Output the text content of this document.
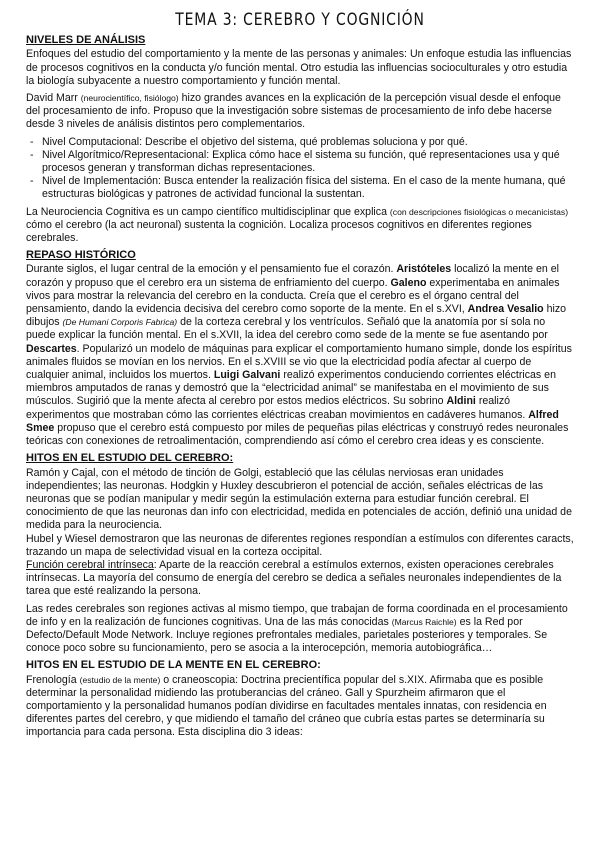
TEMA 3: CEREBRO Y COGNICIÓN
NIVELES DE ANÁLISIS

Enfoques del estudio del comportamiento y la mente de las personas y animales: Un enfoque estudia las influencias de procesos cognitivos en la conducta y/o función mental. Otro estudia las influencias socioculturales y otro estudia la biología subyacente a nuestro comportamiento y función mental.

David Marr (neurocientífico, fisiólogo) hizo grandes avances en la explicación de la percepción visual desde el enfoque del procesamiento de info. Propuso que la investigación sobre sistemas de procesamiento de info debe hacerse desde 3 niveles de análisis distintos pero complementarios.

- Nivel Computacional: Describe el objetivo del sistema, qué problemas soluciona y por qué.
- Nivel Algorítmico/Representacional: Explica cómo hace el sistema su función, qué representaciones usa y qué procesos generan y transforman dichas representaciones.
- Nivel de Implementación: Busca entender la realización física del sistema. En el caso de la mente humana, qué estructuras biológicas y patrones de actividad funcional la sustentan.

La Neurociencia Cognitiva es un campo científico multidisciplinar que explica (con descripciones fisiológicas o mecanicistas) cómo el cerebro (la act neuronal) sustenta la cognición. Localiza procesos cognitivos en diferentes regiones cerebrales.

REPASO HISTÓRICO

Durante siglos, el lugar central de la emoción y el pensamiento fue el corazón. Aristóteles localizó la mente en el corazón y propuso que el cerebro era un sistema de enfriamiento del cuerpo. Galeno experimentaba en animales vivos para mostrar la relevancia del cerebro en la conducta. Creía que el cerebro es el órgano central del pensamiento, dando la evidencia decisiva del cerebro como soporte de la mente. En el s.XVI, Andrea Vesalio hizo dibujos (De Humani Corporis Fabrica) de la corteza cerebral y los ventrículos. Señaló que la anatomía por sí sola no puede explicar la función mental. En el s.XVII, la idea del cerebro como sede de la mente se fue asentando por Descartes. Popularizó un modelo de máquinas para explicar el comportamiento humano simple, donde los espíritus animales fluidos se movían en los nervios. En el s.XVIII se vio que la electricidad podía afectar al cuerpo de cualquier animal, incluidos los muertos. Luigi Galvani realizó experimentos conduciendo corrientes eléctricas en miembros amputados de ranas y demostró que la “electricidad animal” se manifestaba en el movimiento de sus músculos. Sugirió que la mente afecta al cerebro por estos medios eléctricos. Su sobrino Aldini realizó experimentos que mostraban cómo las corrientes eléctricas creaban movimientos en cadáveres humanos. Alfred Smee propuso que el cerebro está compuesto por miles de pequeñas pilas eléctricas y construyó redes neuronales teóricas con conexiones de retroalimentación, comprendiendo así cómo el cerebro crea ideas y es consciente.

HITOS EN EL ESTUDIO DEL CEREBRO:

Ramón y Cajal, con el método de tinción de Golgi, estableció que las células nerviosas eran unidades independientes; las neuronas. Hodgkin y Huxley descubrieron el potencial de acción, señales eléctricas de las neuronas que se podían manipular y medir según la estimulación externa para estudiar función cerebral. El conocimiento de que las neuronas dan info con electricidad, medida en potenciales de acción, definió una unidad de medida para la neurociencia.

Hubel y Wiesel demostraron que las neuronas de diferentes regiones respondían a estímulos con diferentes caracts, trazando un mapa de selectividad visual en la corteza occipital.

Función cerebral intrínseca: Aparte de la reacción cerebral a estímulos externos, existen operaciones cerebrales intrínsecas. La mayoría del consumo de energía del cerebro se dedica a señales neuronales independientes de la tarea que esté realizando la persona.

Las redes cerebrales son regiones activas al mismo tiempo, que trabajan de forma coordinada en el procesamiento de info y en la realización de funciones cognitivas. Una de las más conocidas (Marcus Raichle) es la Red por Defecto/Default Mode Network. Incluye regiones prefrontales mediales, parietales posteriores y temporales. Se conoce poco sobre su funcionamiento, pero se asocia a la interocepción, memoria autobiográfica…

HITOS EN EL ESTUDIO DE LA MENTE EN EL CEREBRO:

Frenología (estudio de la mente) o craneoscopia: Doctrina precientífica popular del s.XIX. Afirmaba que es posible determinar la personalidad midiendo las protuberancias del cráneo. Gall y Spurzheim afirmaron que el comportamiento y la personalidad humanos podían dividirse en facultades mentales innatas, con residencia en diferentes partes del cerebro, y que midiendo el tamaño del cráneo que cubría estas partes se determinaría su importancia para cada persona. Esta disciplina dio 3 ideas:
